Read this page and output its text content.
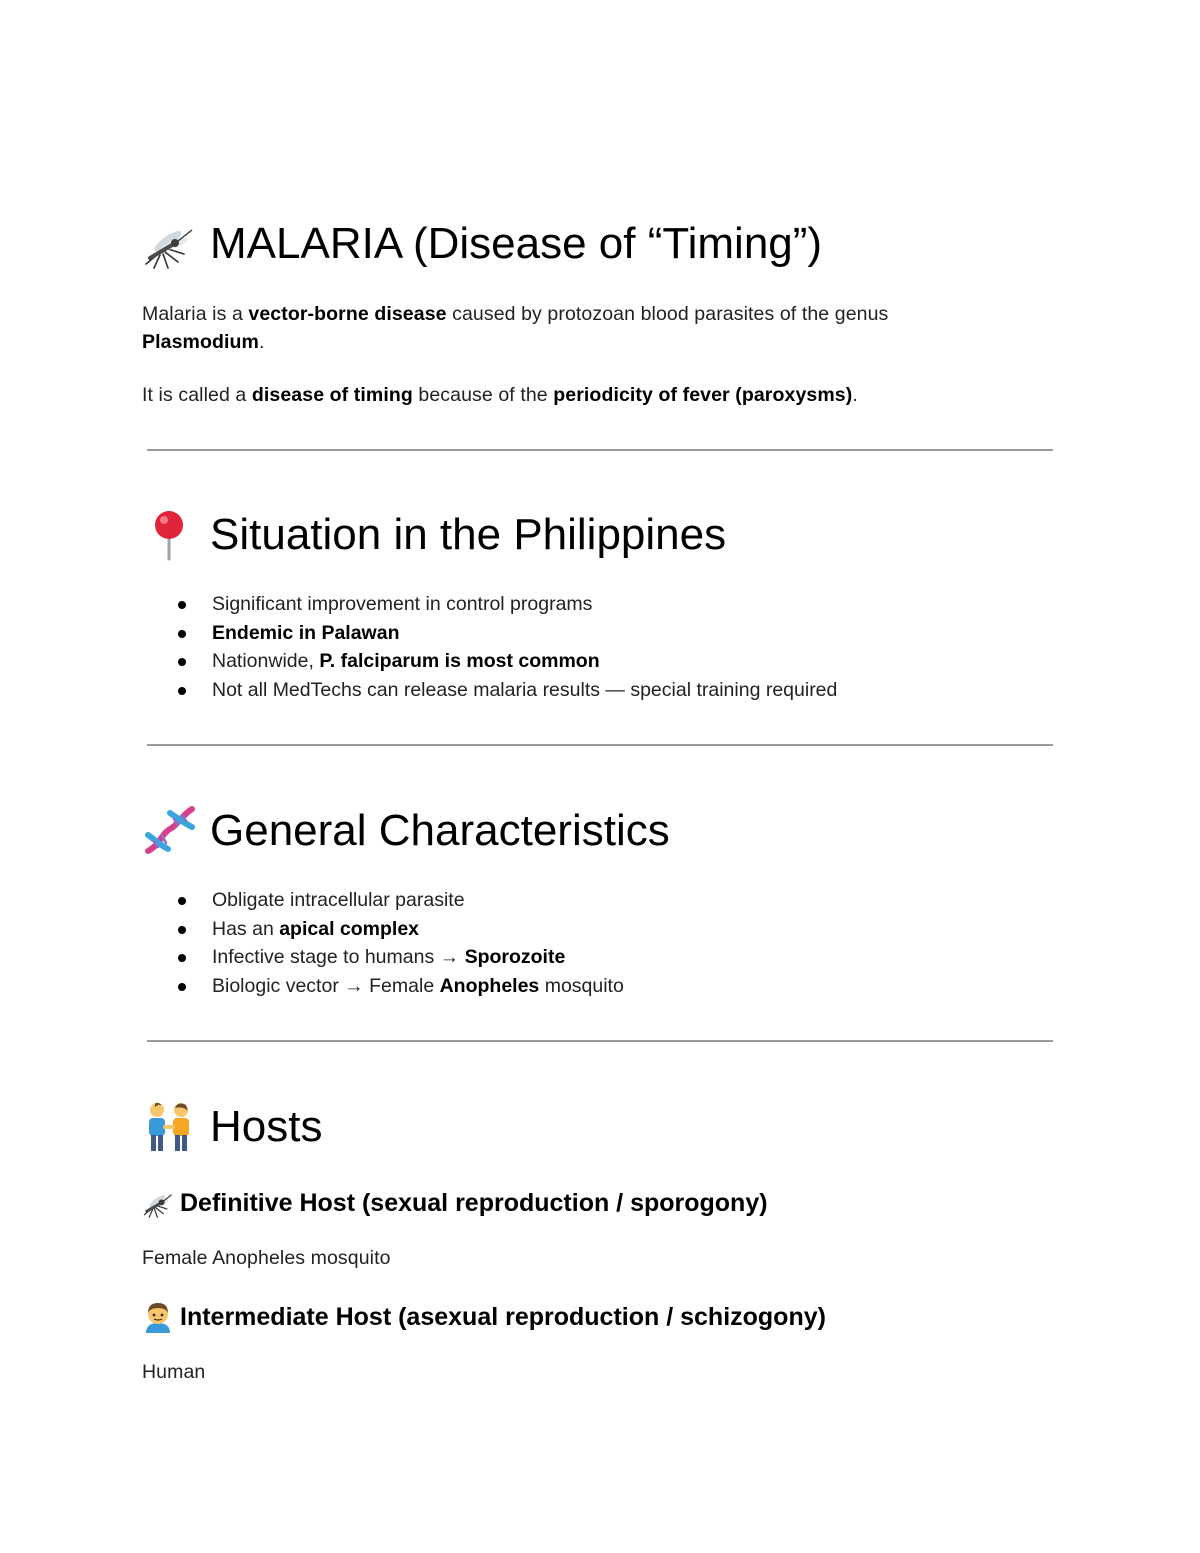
MALARIA (Disease of “Timing”)

Malaria is a vector-borne disease caused by protozoan blood parasites of the genus
Plasmodium.

It is called a disease of timing because of the periodicity of fever (paroxysms).

Situation in the Philippines
Significant improvement in control programs
Endemic in Palawan
Nationwide, P. falciparum is most common
Not all MedTechs can release malaria results — special training required
General Characteristics
Obligate intracellular parasite
Has an apical complex
Infective stage to humans → Sporozoite
Biologic vector → Female Anopheles mosquito
Hosts
Definitive Host (sexual reproduction / sporogony)

Female Anopheles mosquito

Intermediate Host (asexual reproduction / schizogony)

Human
